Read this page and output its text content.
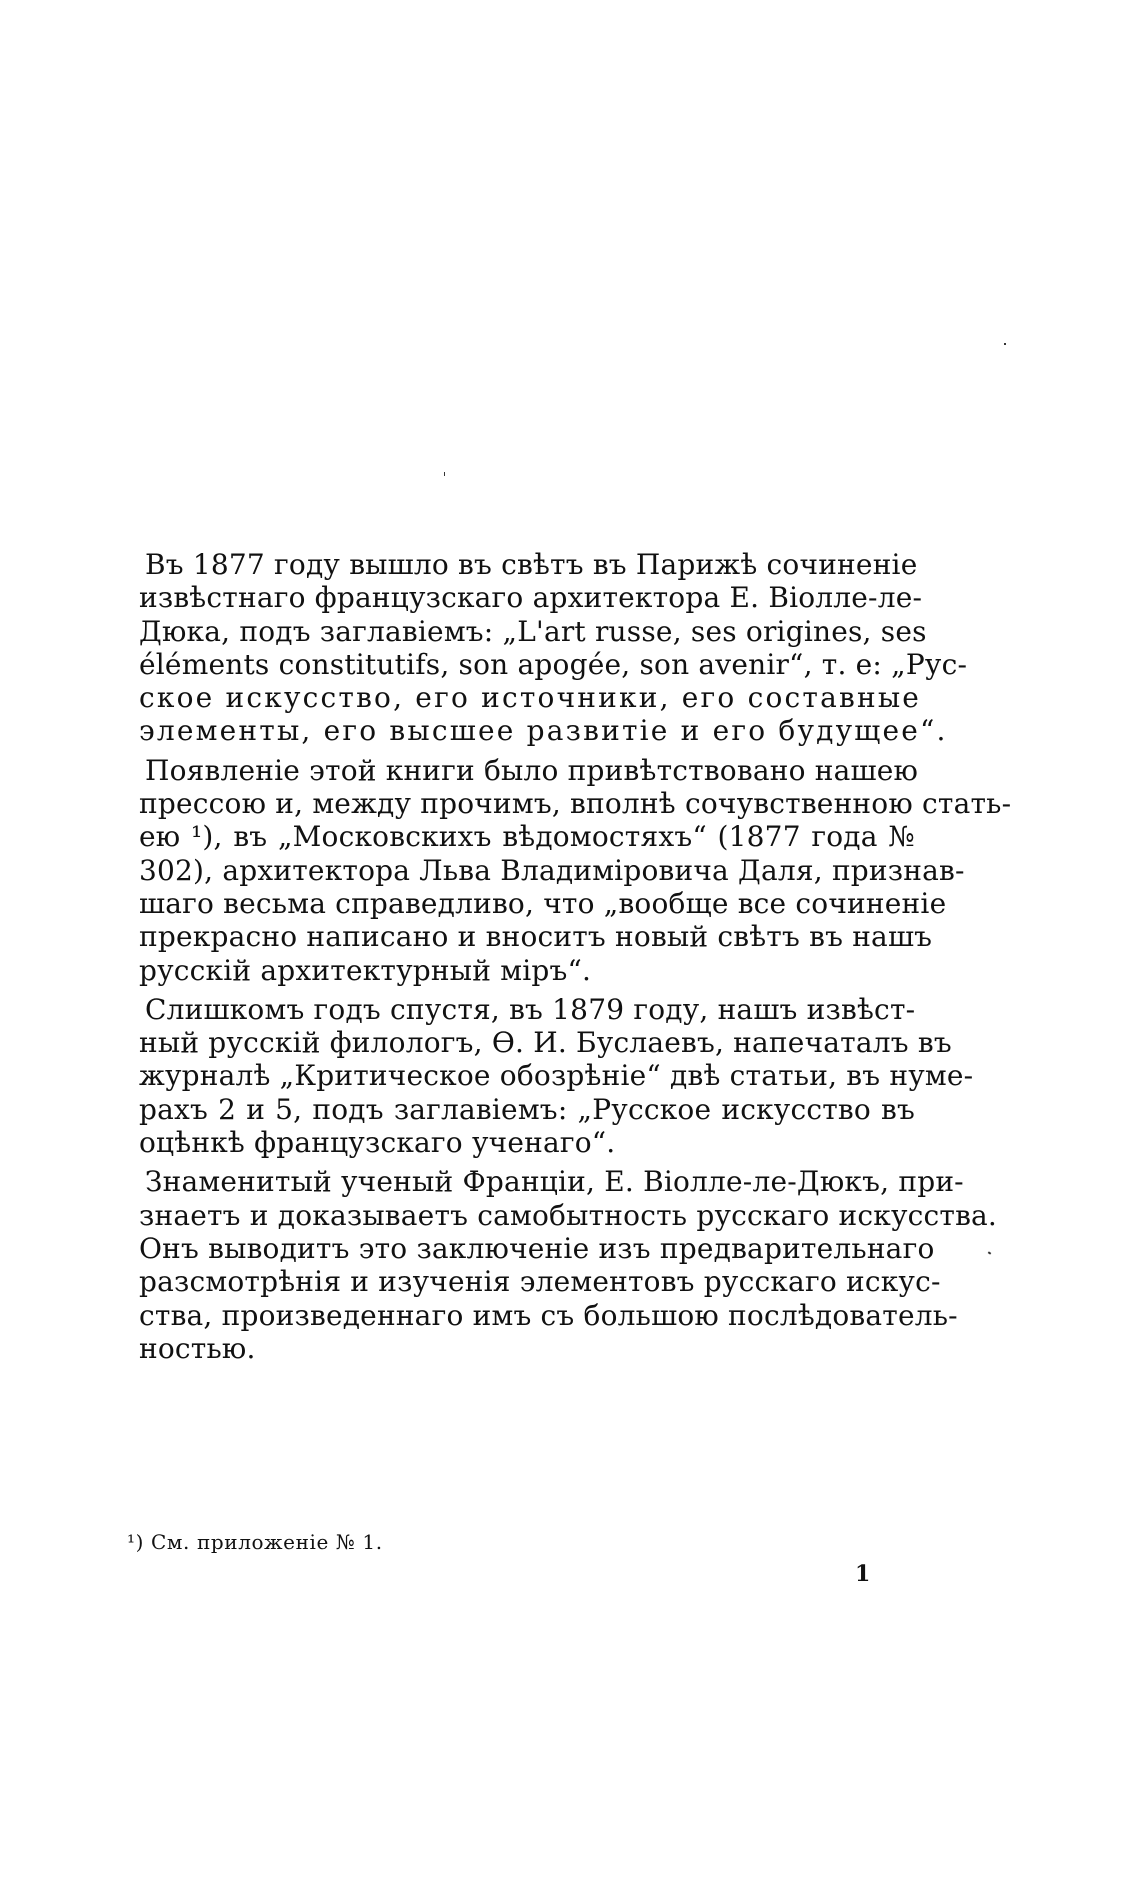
Въ 1877 году вышло въ свѣтъ въ Парижѣ сочиненіе
извѣстнаго французскаго архитектора Е. Віолле-ле-
Дюка, подъ заглавіемъ: „L'art russe, ses origines, ses
éléments constitutifs, son apogée, son avenir“, т. е: „Рус-
ское искусство, его источники, его составные
элементы, его высшее развитіе и его будущее“.
Появленіе этой книги было привѣтствовано нашею
прессою и, между прочимъ, вполнѣ сочувственною стать-
ею ¹), въ „Московскихъ вѣдомостяхъ“ (1877 года №
302), архитектора Льва Владиміровича Даля, признав-
шаго весьма справедливо, что „вообще все сочиненіе
прекрасно написано и вноситъ новый свѣтъ въ нашъ
русскій архитектурный міръ“.
Слишкомъ годъ спустя, въ 1879 году, нашъ извѣст-
ный русскій филологъ, Ѳ. И. Буслаевъ, напечаталъ въ
журналѣ „Критическое обозрѣніе“ двѣ статьи, въ нуме-
рахъ 2 и 5, подъ заглавіемъ: „Русское искусство въ
оцѣнкѣ французскаго ученаго“.
Знаменитый ученый Франціи, Е. Віолле-ле-Дюкъ, при-
знаетъ и доказываетъ самобытность русскаго искусства.
Онъ выводитъ это заключеніе изъ предварительнаго
разсмотрѣнія и изученія элементовъ русскаго искус-
ства, произведеннаго имъ съ большою послѣдователь-
ностью.
¹) См. приложеніе № 1.
1
